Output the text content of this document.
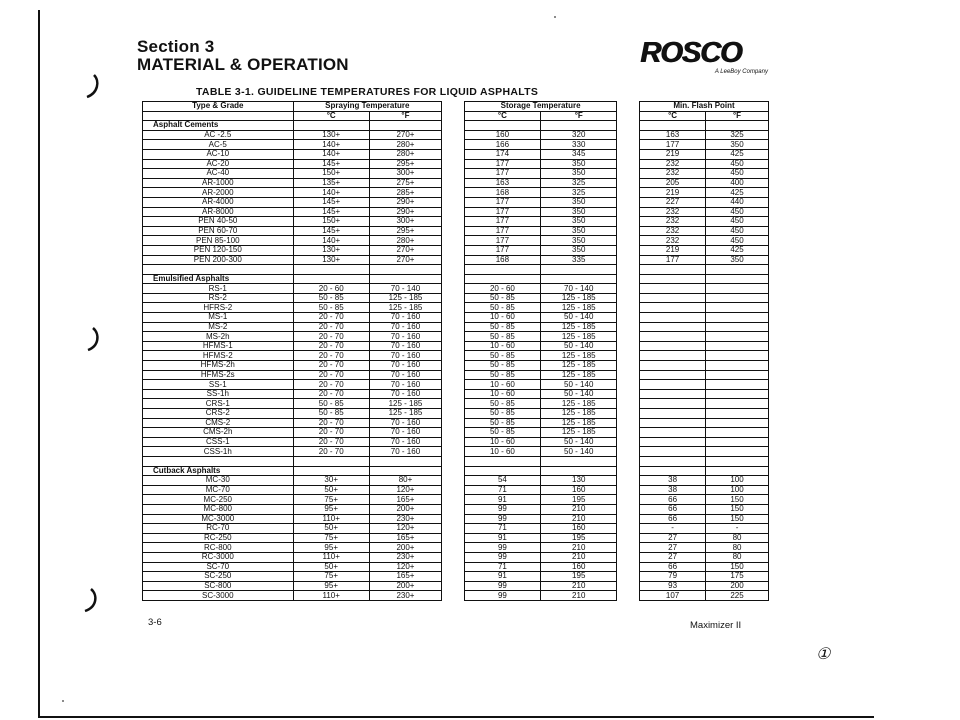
Section 3
MATERIAL & OPERATION	ROSCO
A LeeBoy Company
TABLE 3-1. GUIDELINE TEMPERATURES FOR LIQUID ASPHALTS
Type & Grade	Spraying Temperature			Storage Temperature			Min. Flash Point	
	°C	°F		°C	°F		°C	°F
Asphalt Cements								
AC -2.5	130+	270+		160	320		163	325
AC-5	140+	280+		166	330		177	350
AC-10	140+	280+		174	345		219	425
AC-20	145+	295+		177	350		232	450
AC-40	150+	300+		177	350		232	450
AR-1000	135+	275+		163	325		205	400
AR-2000	140+	285+		168	325		219	425
AR-4000	145+	290+		177	350		227	440
AR-8000	145+	290+		177	350		232	450
PEN 40-50	150+	300+		177	350		232	450
PEN 60-70	145+	295+		177	350		232	450
PEN 85-100	140+	280+		177	350		232	450
PEN 120-150	130+	270+		177	350		219	425
PEN 200-300	130+	270+		168	335		177	350

Emulsified Asphalts								
RS-1	20 - 60	70 - 140		20 - 60	70 - 140			
RS-2	50 - 85	125 - 185		50 - 85	125 - 185			
HFRS-2	50 - 85	125 - 185		50 - 85	125 - 185			
MS-1	20 - 70	70 - 160		10 - 60	50 - 140			
MS-2	20 - 70	70 - 160		50 - 85	125 - 185			
MS-2h	20 - 70	70 - 160		50 - 85	125 - 185			
HFMS-1	20 - 70	70 - 160		10 - 60	50 - 140			
HFMS-2	20 - 70	70 - 160		50 - 85	125 - 185			
HFMS-2h	20 - 70	70 - 160		50 - 85	125 - 185			
HFMS-2s	20 - 70	70 - 160		50 - 85	125 - 185			
SS-1	20 - 70	70 - 160		10 - 60	50 - 140			
SS-1h	20 - 70	70 - 160		10 - 60	50 - 140			
CRS-1	50 - 85	125 - 185		50 - 85	125 - 185			
CRS-2	50 - 85	125 - 185		50 - 85	125 - 185			
CMS-2	20 - 70	70 - 160		50 - 85	125 - 185			
CMS-2h	20 - 70	70 - 160		50 - 85	125 - 185			
CSS-1	20 - 70	70 - 160		10 - 60	50 - 140			
CSS-1h	20 - 70	70 - 160		10 - 60	50 - 140			

Cutback Asphalts								
MC-30	30+	80+		54	130		38	100
MC-70	50+	120+		71	160		38	100
MC-250	75+	165+		91	195		66	150
MC-800	95+	200+		99	210		66	150
MC-3000	110+	230+		99	210		66	150
RC-70	50+	120+		71	160		-	-
RC-250	75+	165+		91	195		27	80
RC-800	95+	200+		99	210		27	80
RC-3000	110+	230+		99	210		27	80
SC-70	50+	120+		71	160		66	150
SC-250	75+	165+		91	195		79	175
SC-800	95+	200+		99	210		93	200
SC-3000	110+	230+		99	210		107	225
3-6	Maximizer II
①
